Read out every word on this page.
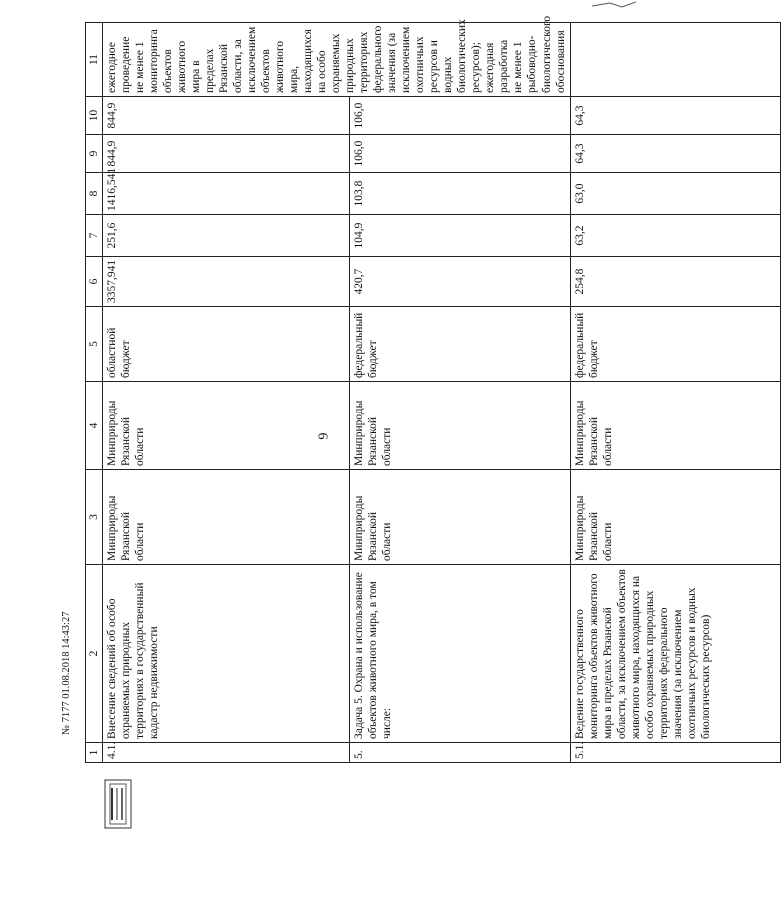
6
1	2	3	4	5	6	7	8	9	10	11
4.1.	Внесение сведений об особо охраняемых природных территориях в государственный кадастр недвижимости	Минприроды Рязанской области	Минприроды Рязанской области	областной бюджет	3357,941	251,6	1416,541	844,9	844,9	ежегодное проведение не менее 1 мониторинга объектов животного мира в пределах Рязанской области, за исключением объектов животного мира, находящихся на особо охраняемых природных территориях федерального значения (за исключением охотничьих ресурсов и водных биологических ресурсов); ежегодная разработка не менее 1 рыбоводно-биологического обоснования

5.	Задача 5. Охрана и использование объектов животного мира, в том числе:	Минприроды Рязанской области	Минприроды Рязанской области	федеральный бюджет	420,7	104,9	103,8	106,0	106,0	
5.1.	Ведение государственного мониторинга объектов животного мира в пределах Рязанской области, за исключением объектов животного мира, находящихся на особо охраняемых природных территориях федерального значения (за исключением охотничьих ресурсов и водных биологических ресурсов)	Минприроды Рязанской области	Минприроды Рязанской области	федеральный бюджет	254,8	63,2	63,0	64,3	64,3	
№ 7177 01.08.2018 14:43:27
